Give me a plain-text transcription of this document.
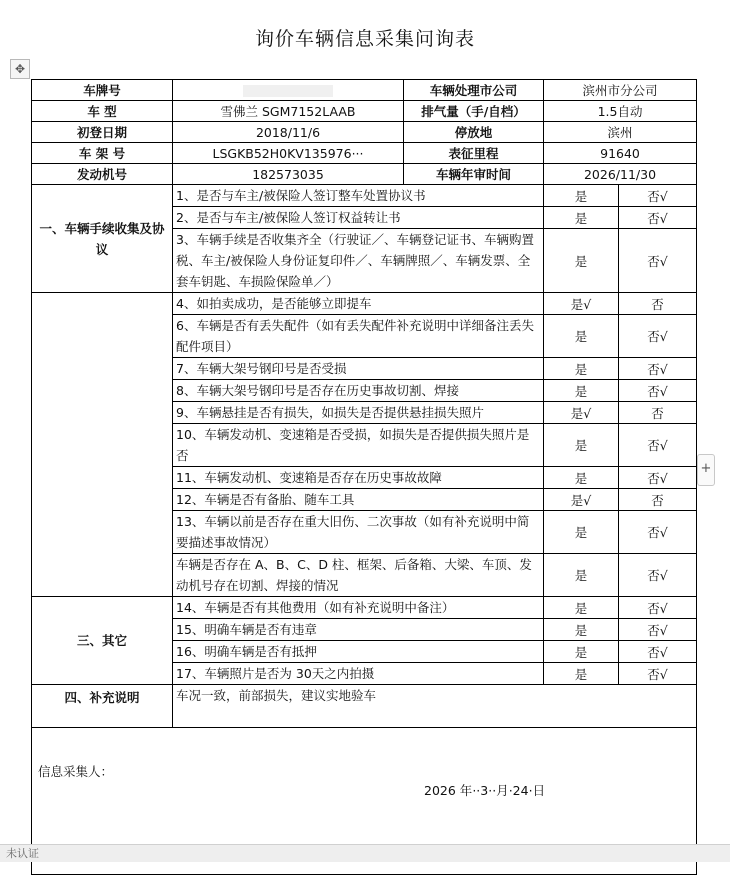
询价车辆信息采集问询表
✥
+
车牌号		车辆处理市公司	滨州市分公司	
车 型	雪佛兰 SGM7152LAAB	排气量（手/自档）	1.5自动	
初登日期	2018/11/6	停放地	滨州	
车 架 号	LSGKB52H0KV135976···	表征里程	91640	
发动机号	182573035	车辆年审时间	2026/11/30	
一、车辆手续收集及协议	1、是否与车主/被保险人签订整车处置协议书		是	否√
	2、是否与车主/被保险人签订权益转让书		是	否√
	3、车辆手续是否收集齐全（行驶证／、车辆登记证书、车辆购置税、车主/被保险人身份证复印件／、车辆牌照／、车辆发票、全套车钥匙、车损险保险单／）		是	否√
	4、如拍卖成功，是否能够立即提车		是√	否
	6、车辆是否有丢失配件（如有丢失配件补充说明中详细备注丢失配件项目）		是	否√
	7、车辆大架号钢印号是否受损		是	否√
	8、车辆大架号钢印号是否存在历史事故切割、焊接		是	否√
	9、车辆悬挂是否有损失，如损失是否提供悬挂损失照片		是√	否
	10、车辆发动机、变速箱是否受损，如损失是否提供损失照片是否		是	否√
	11、车辆发动机、变速箱是否存在历史事故故障		是	否√
	12、车辆是否有备胎、随车工具		是√	否
	13、车辆以前是否存在重大旧伤、二次事故（如有补充说明中简要描述事故情况）		是	否√
	车辆是否存在 A、B、C、D 柱、框架、后备箱、大梁、车顶、发动机号存在切割、焊接的情况		是	否√
三、其它	14、车辆是否有其他费用（如有补充说明中备注）		是	否√
	15、明确车辆是否有违章		是	否√
	16、明确车辆是否有抵押		是	否√
	17、车辆照片是否为 30天之内拍摄		是	否√
四、补充说明	车况一致，前部损失，建议实地验车			

信息采集人：
2026 年··3··月·24·日
未认证
